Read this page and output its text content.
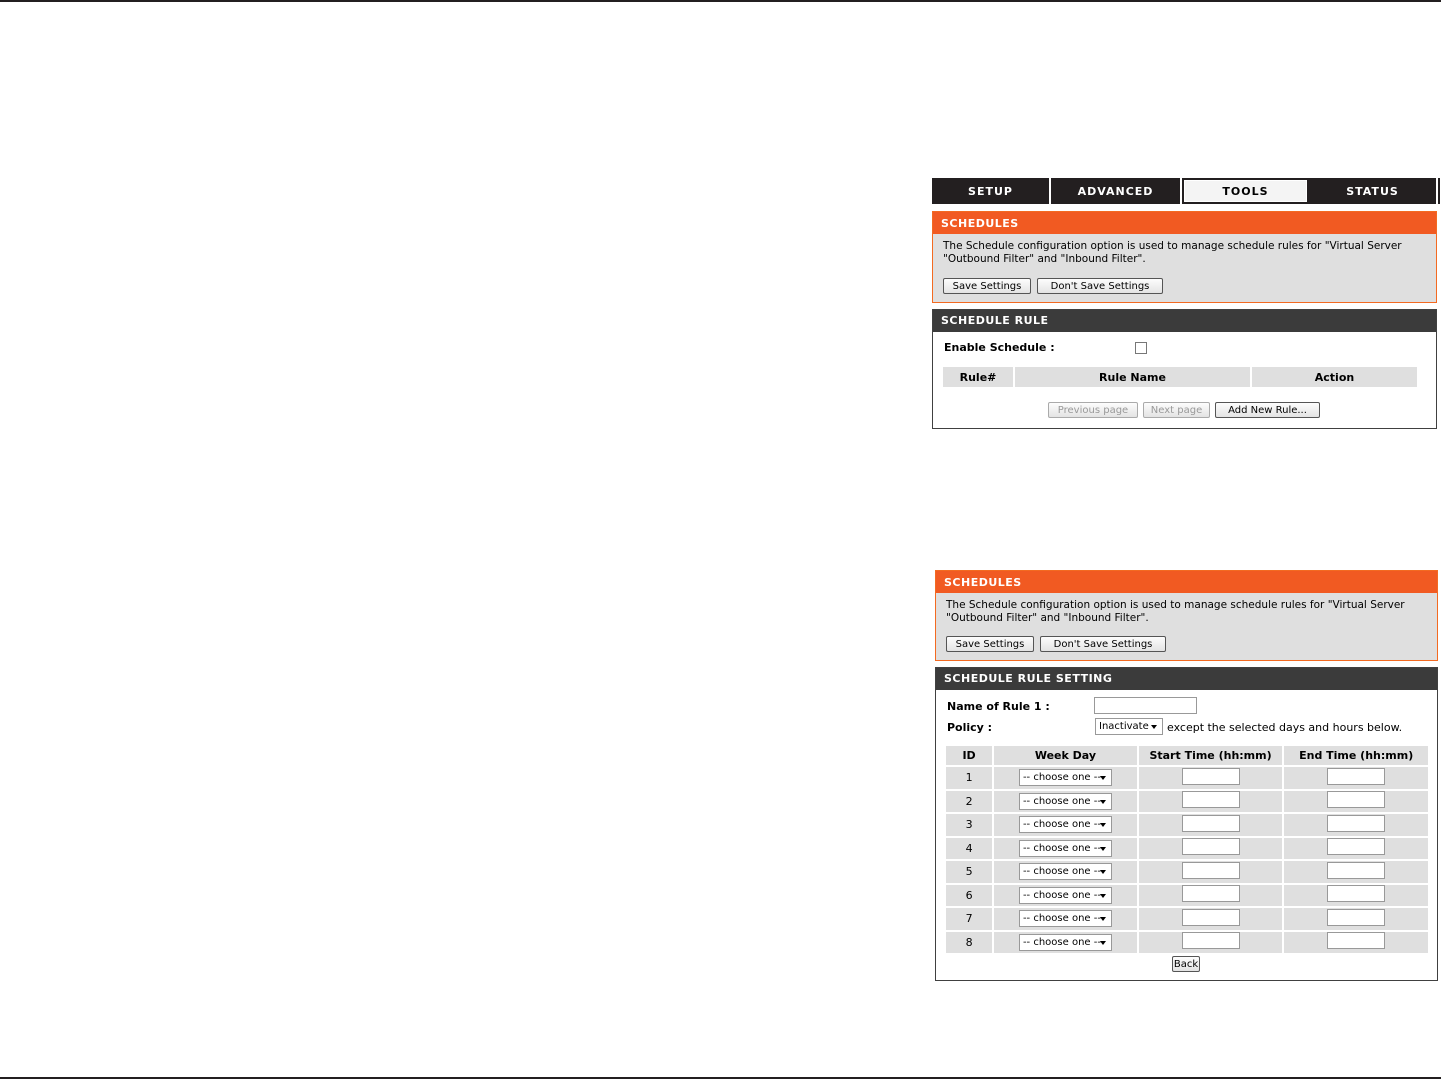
SETUP	ADVANCED	TOOLS	STATUS
SCHEDULES
The Schedule configuration option is used to manage schedule rules for "Virtual Server
"Outbound Filter" and "Inbound Filter".
Save Settings	Don't Save Settings
SCHEDULE RULE
Enable Schedule :
Rule#	Rule Name	Action
Previous page	Next page	Add New Rule...
SCHEDULES
The Schedule configuration option is used to manage schedule rules for "Virtual Server
"Outbound Filter" and "Inbound Filter".
Save Settings	Don't Save Settings
SCHEDULE RULE SETTING
Name of Rule 1 :
Policy :	Inactivate except the selected days and hours below.
ID	Week Day	Start Time (hh:mm)	End Time (hh:mm)
1	-- choose one --		

2	-- choose one --		

3	-- choose one --		

4	-- choose one --		

5	-- choose one --		

6	-- choose one --		

7	-- choose one --		

8	-- choose one --		

Back
